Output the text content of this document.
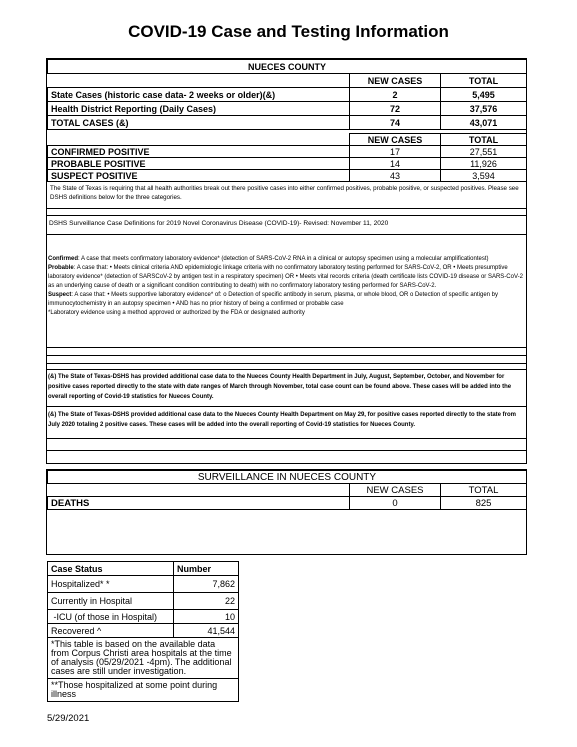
COVID-19 Case and Testing Information
NUECES COUNTY		
	NEW CASES	TOTAL
State Cases (historic case data- 2 weeks or older)(&)	2	5,495
Health District Reporting (Daily Cases)	72	37,576
TOTAL CASES (&)	74	43,071
	NEW CASES	TOTAL
CONFIRMED POSITIVE	17	27,551
PROBABLE POSITIVE	14	11,926
SUSPECT POSITIVE	43	3,594
The State of Texas is requiring that all health authorities break out there positive cases into either confirmed positives, probable positive, or suspected positives. Please see DSHS definitions below for the three categories.
DSHS Surveillance Case Definitions for 2019 Novel Coronavirus Disease (COVID-19)- Revised: November 11, 2020

Confirmed: A case that meets confirmatory laboratory evidence* (detection of SARS-CoV-2 RNA in a clinical or autopsy specimen using a molecular amplificationtest)

Probable: A case that: • Meets clinical criteria AND epidemiologic linkage criteria with no confirmatory laboratory testing performed for SARS-CoV-2, OR • Meets presumptive laboratory evidence* (detection of SARSCoV-2 by antigen test in a respiratory specimen) OR • Meets vital records criteria (death certificate lists COVID-19 disease or SARS-CoV-2 as an underlying cause of death or a significant condition contributing to death) with no confirmatory laboratory testing performed for SARS-CoV-2.

Suspect: A case that: • Meets supportive laboratory evidence* of: o Detection of specific antibody in serum, plasma, or whole blood, OR o Detection of specific antigen by immunocytochemistry in an autopsy specimen • AND has no prior history of being a confirmed or probable case

*Laboratory evidence using a method approved or authorized by the FDA or designated authority

(&) The State of Texas-DSHS has provided additional case data to the Nueces County Health Department in July, August, September, October, and November for positive cases reported directly to the state with date ranges of March through November, total case count can be found above. These cases will be added into the overall reporting of Covid-19 statistics for Nueces County.
(&) The State of Texas-DSHS provided additional case data to the Nueces County Health Department on May 29, for positive cases reported directly to the state from July 2020 totaling 2 positive cases. These cases will be added into the overall reporting of Covid-19 statistics for Nueces County.
SURVEILLANCE IN NUECES COUNTY		
	NEW CASES	TOTAL
DEATHS	0	825
Case Status	Number
Hospitalized* *	7,862
Currently in Hospital	22
-ICU (of those in Hospital)	10
Recovered ^	41,544
*This table is based on the available data from Corpus Christi area hospitals at the time of analysis (05/29/2021 -4pm). The additional cases are still under investigation.	
**Those hospitalized at some point during illness	
5/29/2021
